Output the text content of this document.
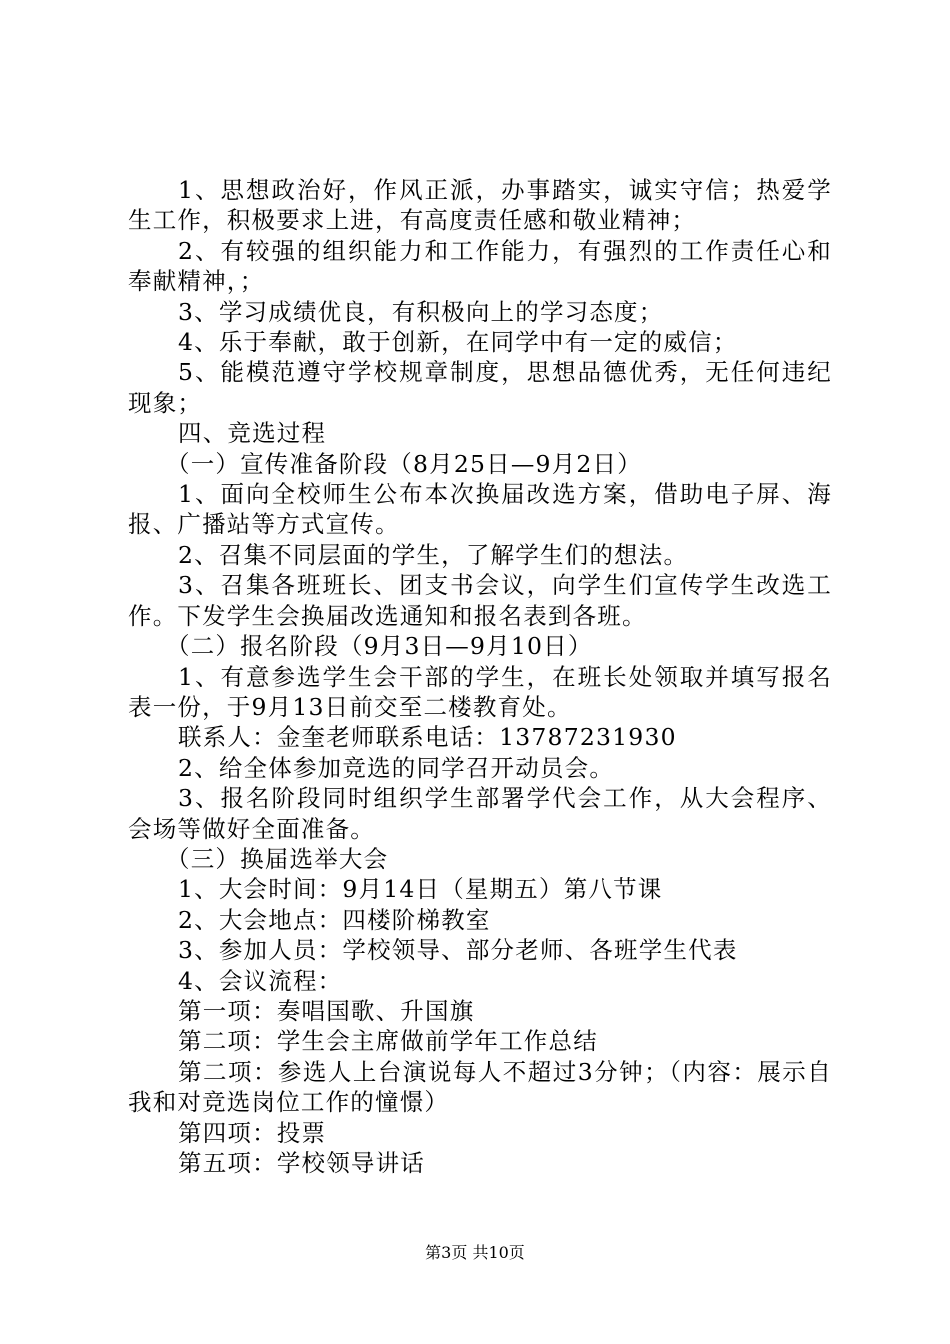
1、思想政治好，作风正派，办事踏实，诚实守信；热爱学生工作，积极要求上进，有高度责任感和敬业精神；

2、有较强的组织能力和工作能力，有强烈的工作责任心和奉献精神，；

3、学习成绩优良，有积极向上的学习态度；

4、乐于奉献，敢于创新，在同学中有一定的威信；

5、能模范遵守学校规章制度，思想品德优秀，无任何违纪现象；

四、竞选过程

（一）宣传准备阶段（8月25日—9月2日）

1、面向全校师生公布本次换届改选方案，借助电子屏、海报、广播站等方式宣传。

2、召集不同层面的学生，了解学生们的想法。

3、召集各班班长、团支书会议，向学生们宣传学生改选工作。下发学生会换届改选通知和报名表到各班。

（二）报名阶段（9月3日—9月10日）

1、有意参选学生会干部的学生，在班长处领取并填写报名表一份，于9月13日前交至二楼教育处。

联系人：金奎老师联系电话：13787231930

2、给全体参加竞选的同学召开动员会。

3、报名阶段同时组织学生部署学代会工作，从大会程序、会场等做好全面准备。

（三）换届选举大会

1、大会时间：9月14日（星期五）第八节课

2、大会地点：四楼阶梯教室

3、参加人员：学校领导、部分老师、各班学生代表

4、会议流程：

第一项：奏唱国歌、升国旗

第二项：学生会主席做前学年工作总结

第二项：参选人上台演说每人不超过3分钟；（内容：展示自我和对竞选岗位工作的憧憬）

第四项：投票

第五项：学校领导讲话

第3页 共10页
